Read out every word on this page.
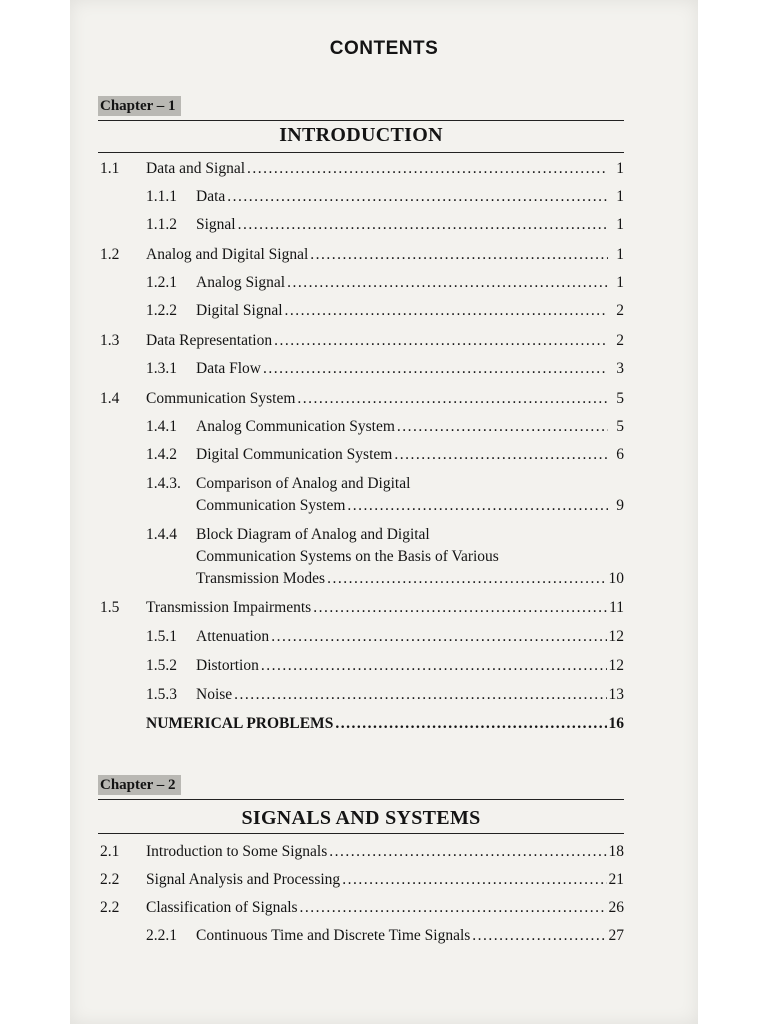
CONTENTS
Chapter – 1
INTRODUCTION
1.1 Data and Signal .....	1
1.1.1 Data .....	1
1.1.2 Signal .....	1
1.2 Analog and Digital Signal .....	1
1.2.1 Analog Signal .....	1
1.2.2 Digital Signal .....	2
1.3 Data Representation .....	2
1.3.1 Data Flow .....	3
1.4 Communication System .....	5
1.4.1 Analog Communication System .....	5
1.4.2 Digital Communication System .....	6
1.4.3. Comparison of Analog and Digital
Communication System .....	9
1.4.4 Block Diagram of Analog and Digital
Communication Systems on the Basis of Various
Transmission Modes .....	10
1.5 Transmission Impairments .....	11
1.5.1 Attenuation .....	12
1.5.2 Distortion .....	12
1.5.3 Noise .....	13
NUMERICAL PROBLEMS .....	16
Chapter – 2
SIGNALS AND SYSTEMS
2.1 Introduction to Some Signals .....	18
2.2 Signal Analysis and Processing .....	21
2.2 Classification of Signals .....	26
2.2.1 Continuous Time and Discrete Time Signals .....	27
